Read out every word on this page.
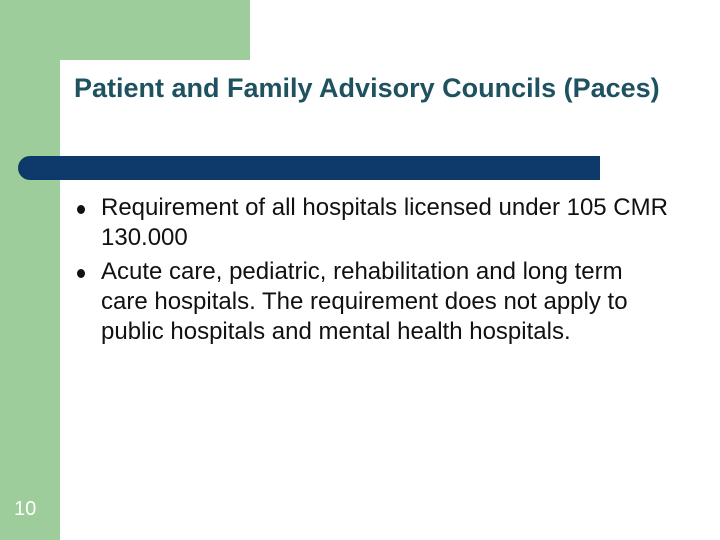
Patient and Family Advisory Councils (Paces)
Requirement of all hospitals licensed under 105 CMR 130.000
Acute care, pediatric, rehabilitation and long term care hospitals. The requirement does not apply to public hospitals and mental health hospitals.
10
